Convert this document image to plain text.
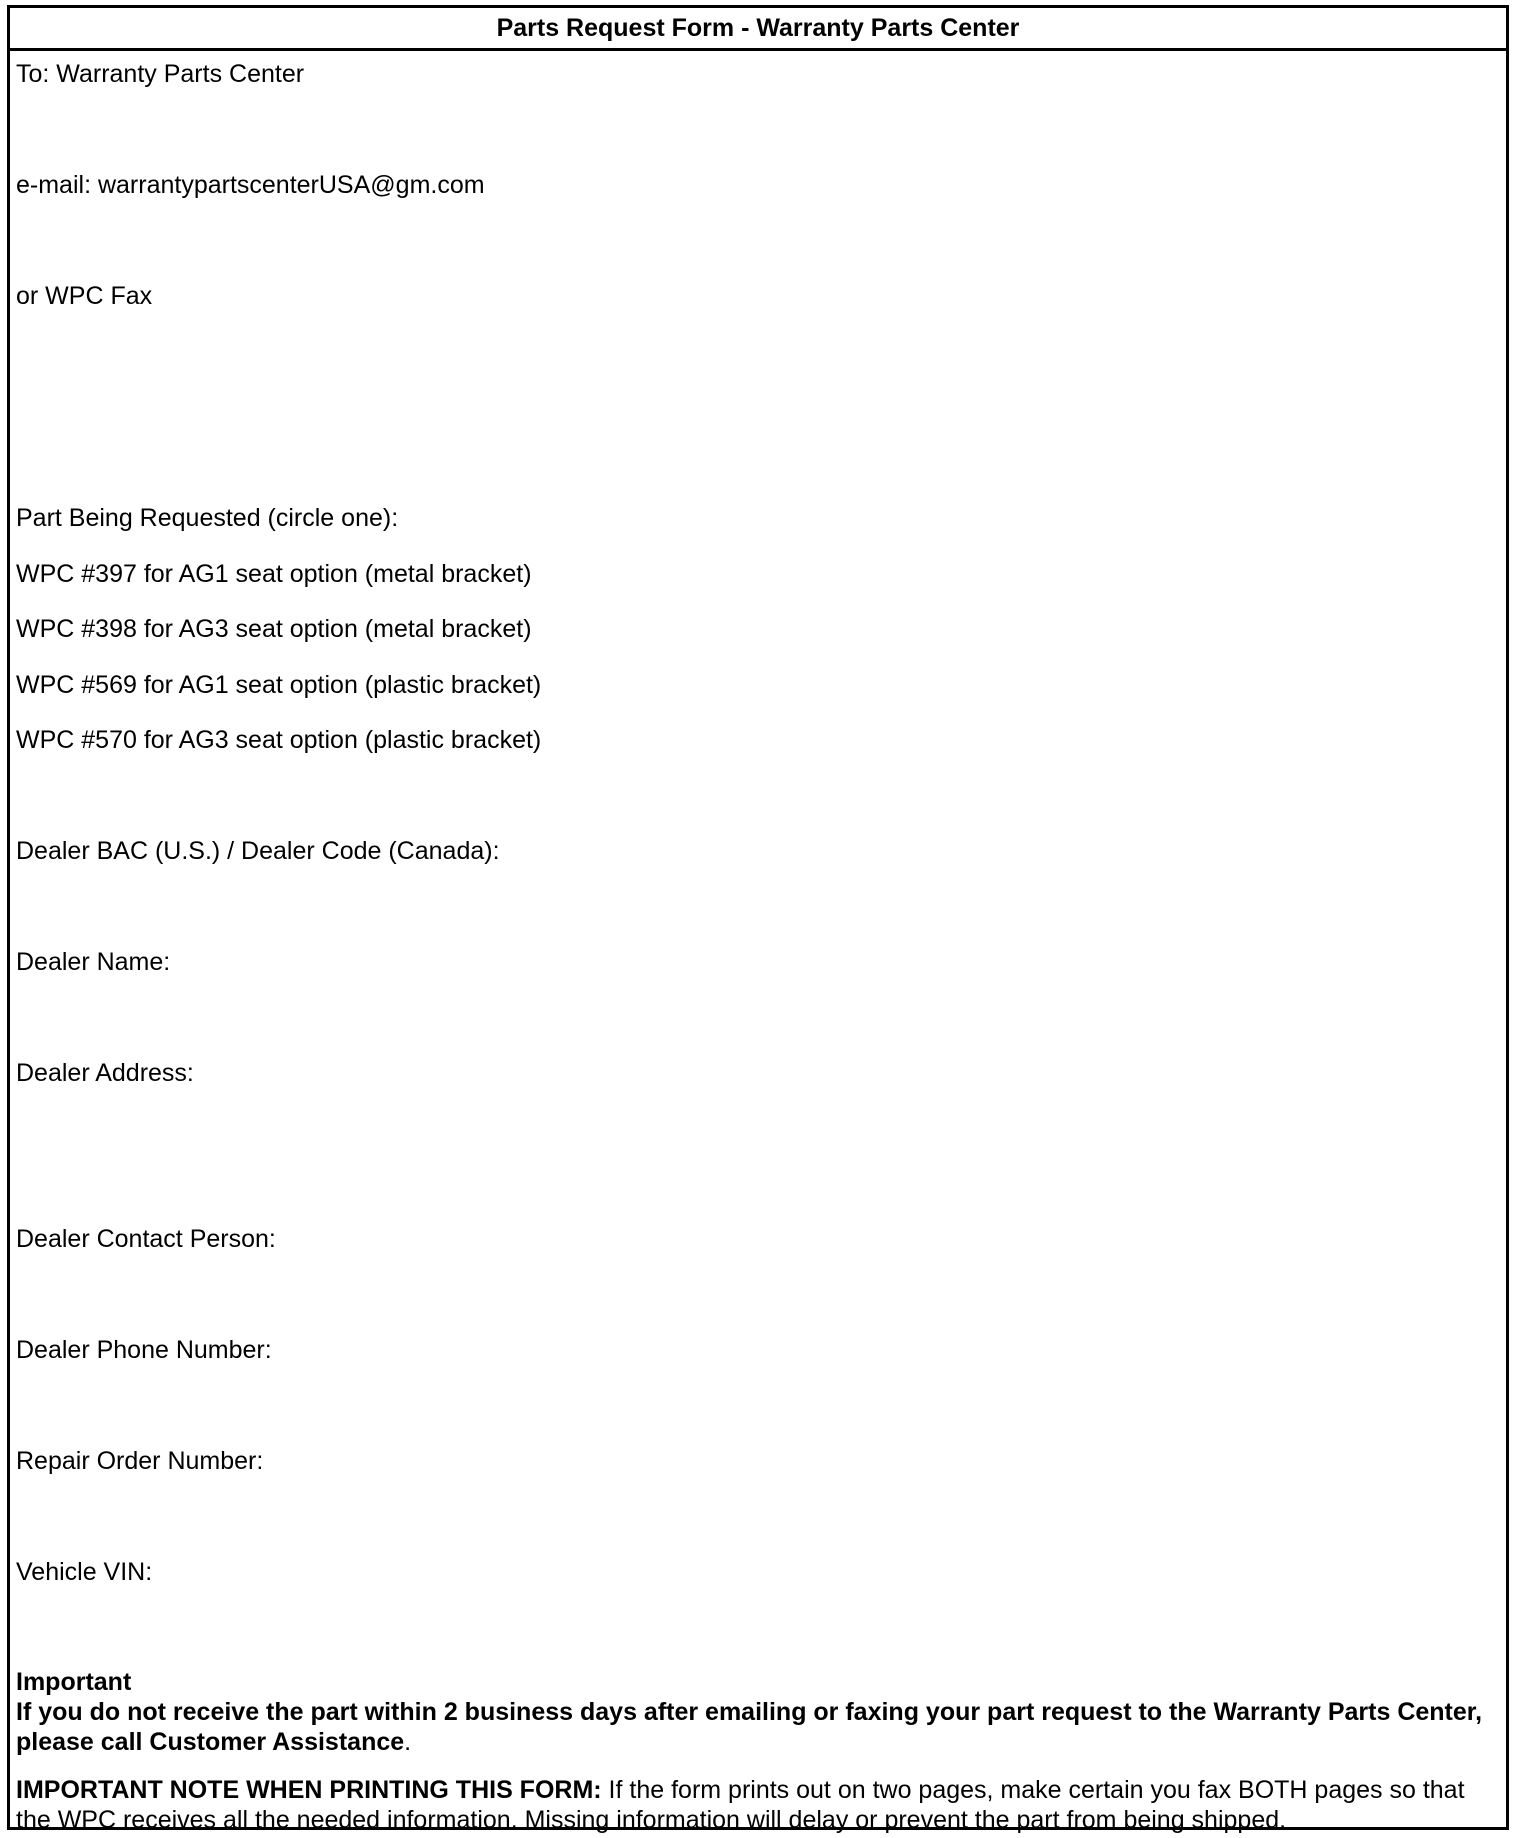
Parts Request Form - Warranty Parts Center
To: Warranty Parts Center
e-mail: warrantypartscenterUSA@gm.com
or WPC Fax
Part Being Requested (circle one):
WPC #397 for AG1 seat option (metal bracket)
WPC #398 for AG3 seat option (metal bracket)
WPC #569 for AG1 seat option (plastic bracket)
WPC #570 for AG3 seat option (plastic bracket)
Dealer BAC (U.S.) / Dealer Code (Canada):
Dealer Name:
Dealer Address:
Dealer Contact Person:
Dealer Phone Number:
Repair Order Number:
Vehicle VIN:
Important
If you do not receive the part within 2 business days after emailing or faxing your part request to the Warranty Parts Center, please call Customer Assistance.
IMPORTANT NOTE WHEN PRINTING THIS FORM: If the form prints out on two pages, make certain you fax BOTH pages so that the WPC receives all the needed information. Missing information will delay or prevent the part from being shipped.
